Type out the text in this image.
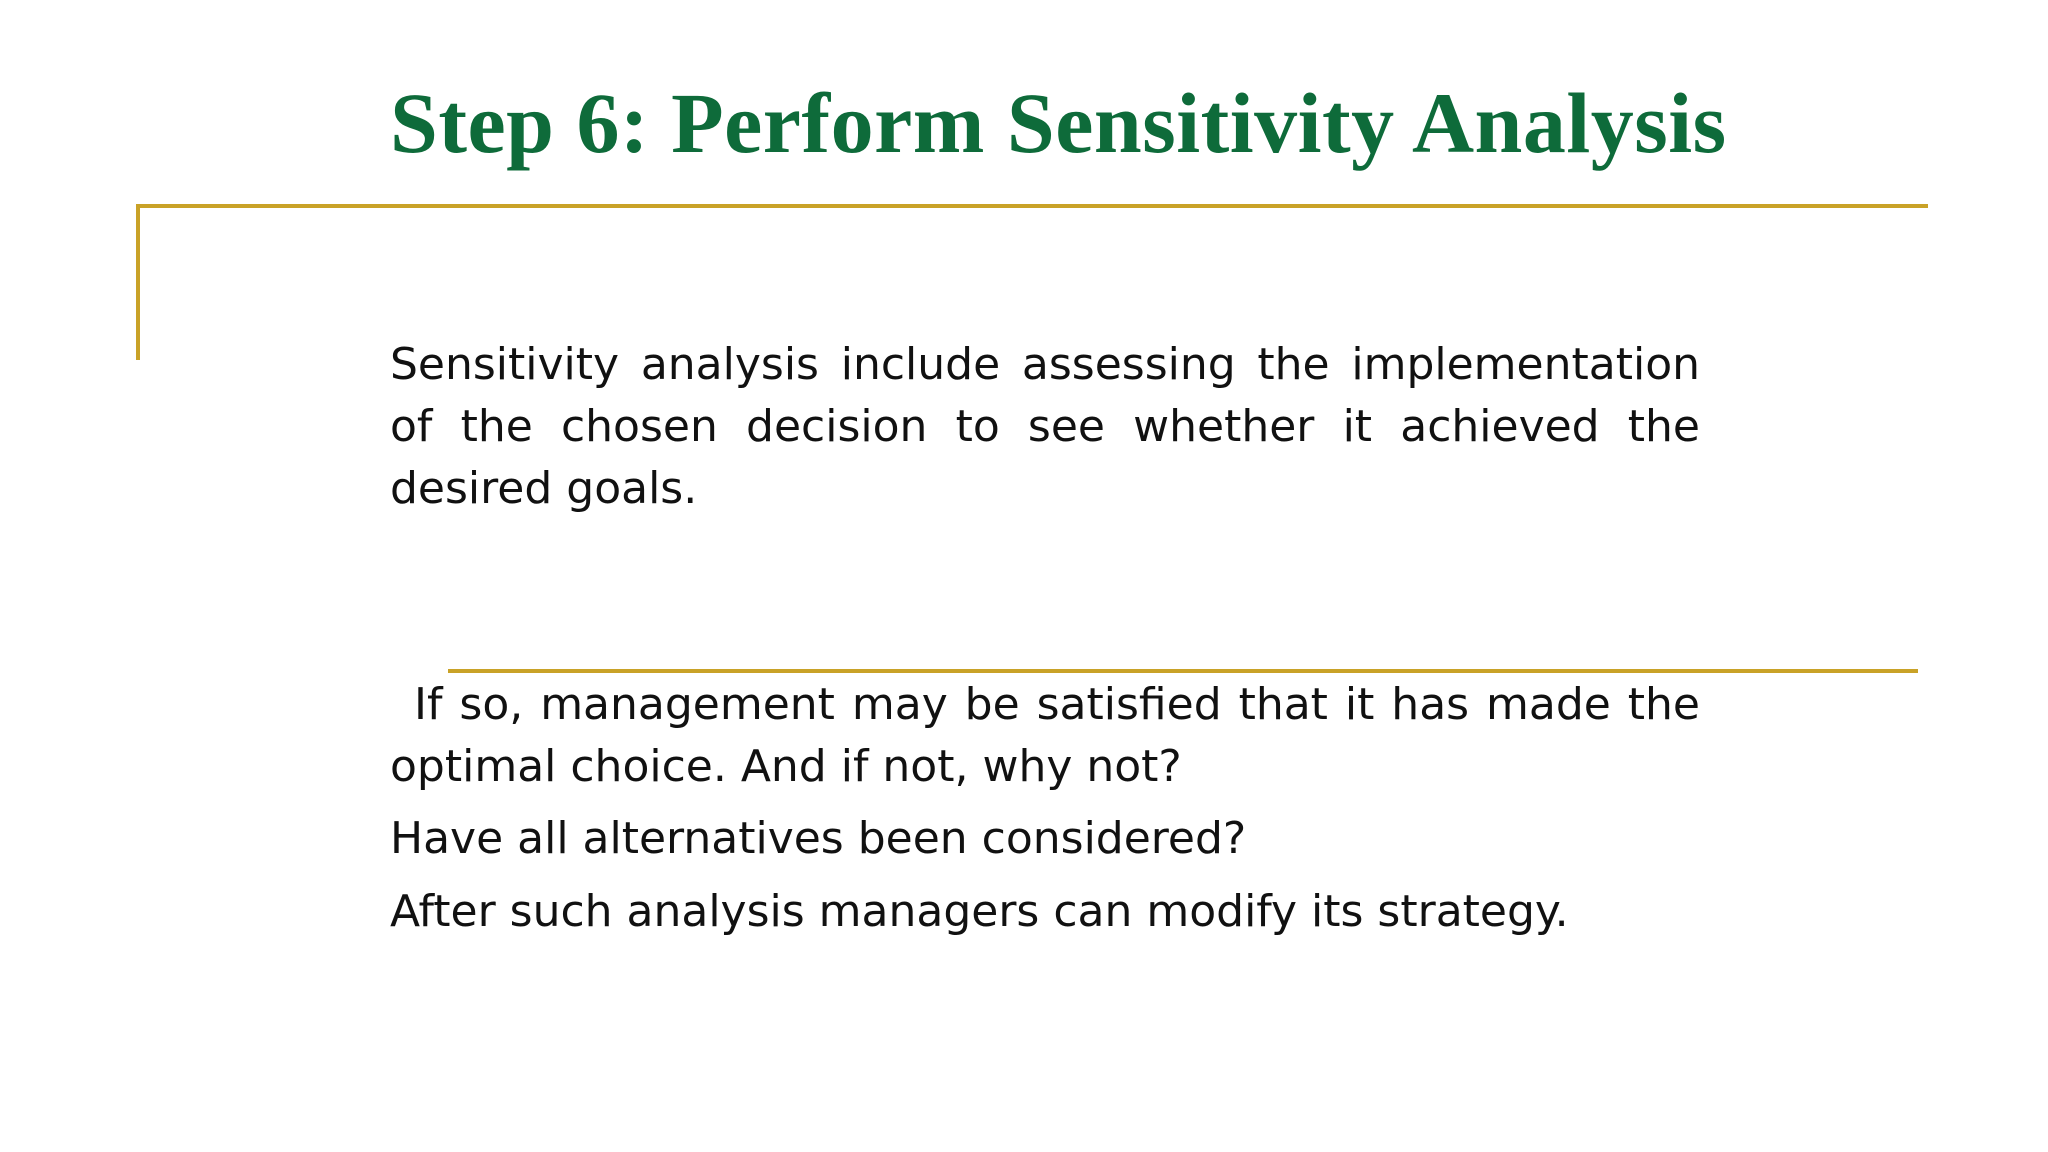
Step 6: Perform Sensitivity Analysis

Sensitivity analysis include assessing the implementation of the chosen decision to see whether it achieved the desired goals.

If so, management may be satisfied that it has made the optimal choice. And if not, why not?

Have all alternatives been considered?

After such analysis managers can modify its strategy.
